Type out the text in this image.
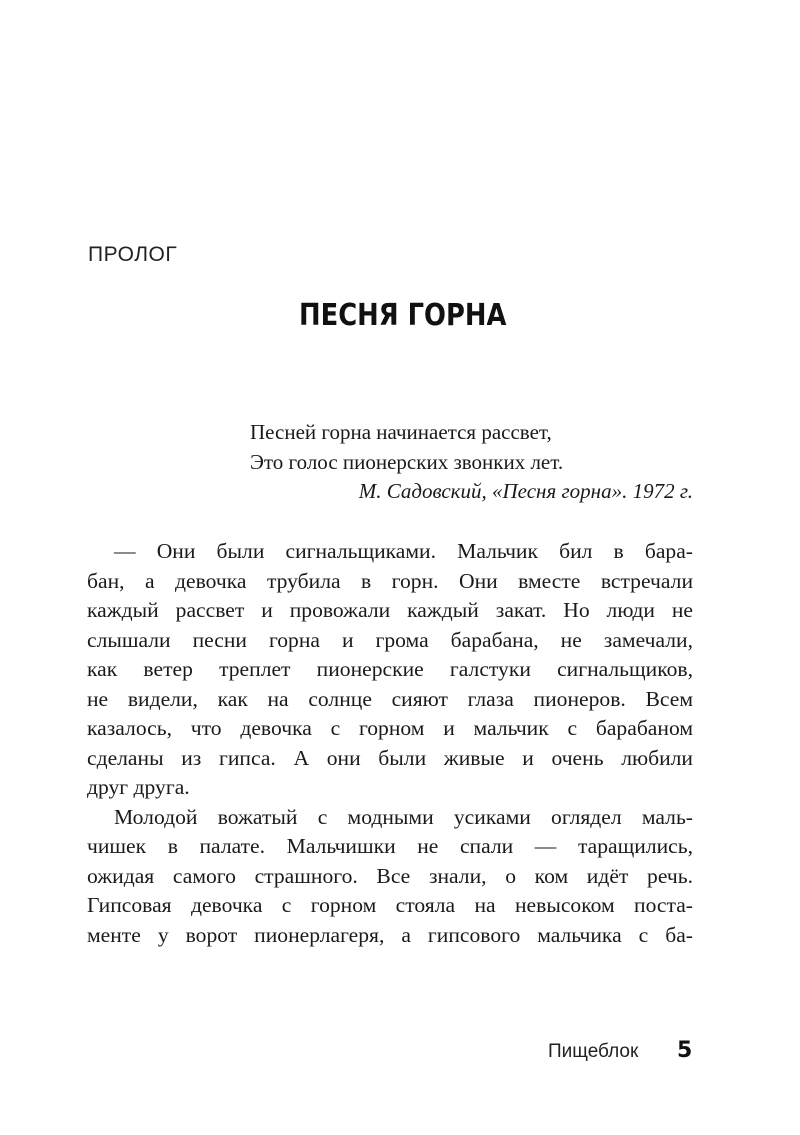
ПРОЛОГ
ПЕСНЯ ГОРНА
Песней горна начинается рассвет,
Это голос пионерских звонких лет.
М. Садовский, «Песня горна». 1972 г.
— Они были сигнальщиками. Мальчик бил в бара-
бан, а девочка трубила в горн. Они вместе встречали
каждый рассвет и провожали каждый закат. Но люди не
слышали песни горна и грома барабана, не замечали,
как ветер треплет пионерские галстуки сигнальщиков,
не видели, как на солнце сияют глаза пионеров. Всем
казалось, что девочка с горном и мальчик с барабаном
сделаны из гипса. А они были живые и очень любили
друг друга.
Молодой вожатый с модными усиками оглядел маль-
чишек в палате. Мальчишки не спали — таращились,
ожидая самого страшного. Все знали, о ком идёт речь.
Гипсовая девочка с горном стояла на невысоком поста-
менте у ворот пионерлагеря, а гипсового мальчика с ба-
Пищеблок 5
